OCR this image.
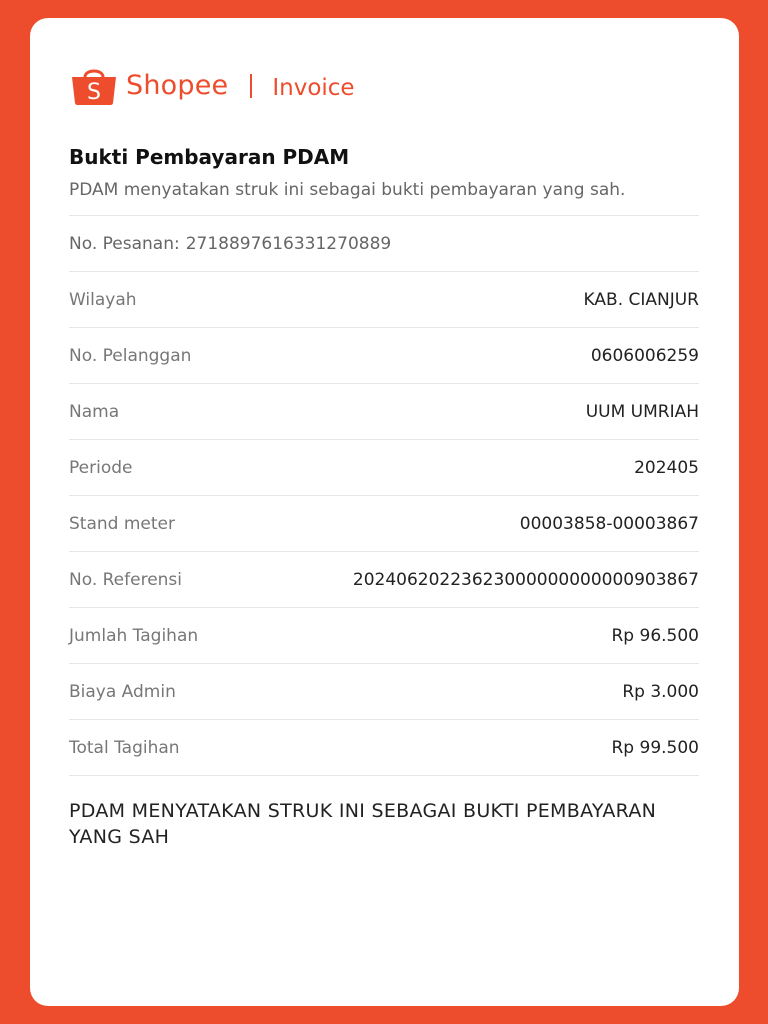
S Shopee Invoice
Bukti Pembayaran PDAM
PDAM menyatakan struk ini sebagai bukti pembayaran yang sah.
No. Pesanan: 2718897616331270889
Wilayah	KAB. CIANJUR
No. Pelanggan	0606006259
Nama	UUM UMRIAH
Periode	202405
Stand meter	00003858-00003867
No. Referensi	20240620223623000000000000903867
Jumlah Tagihan	Rp 96.500
Biaya Admin	Rp 3.000
Total Tagihan	Rp 99.500
PDAM MENYATAKAN STRUK INI SEBAGAI BUKTI PEMBAYARAN YANG SAH
